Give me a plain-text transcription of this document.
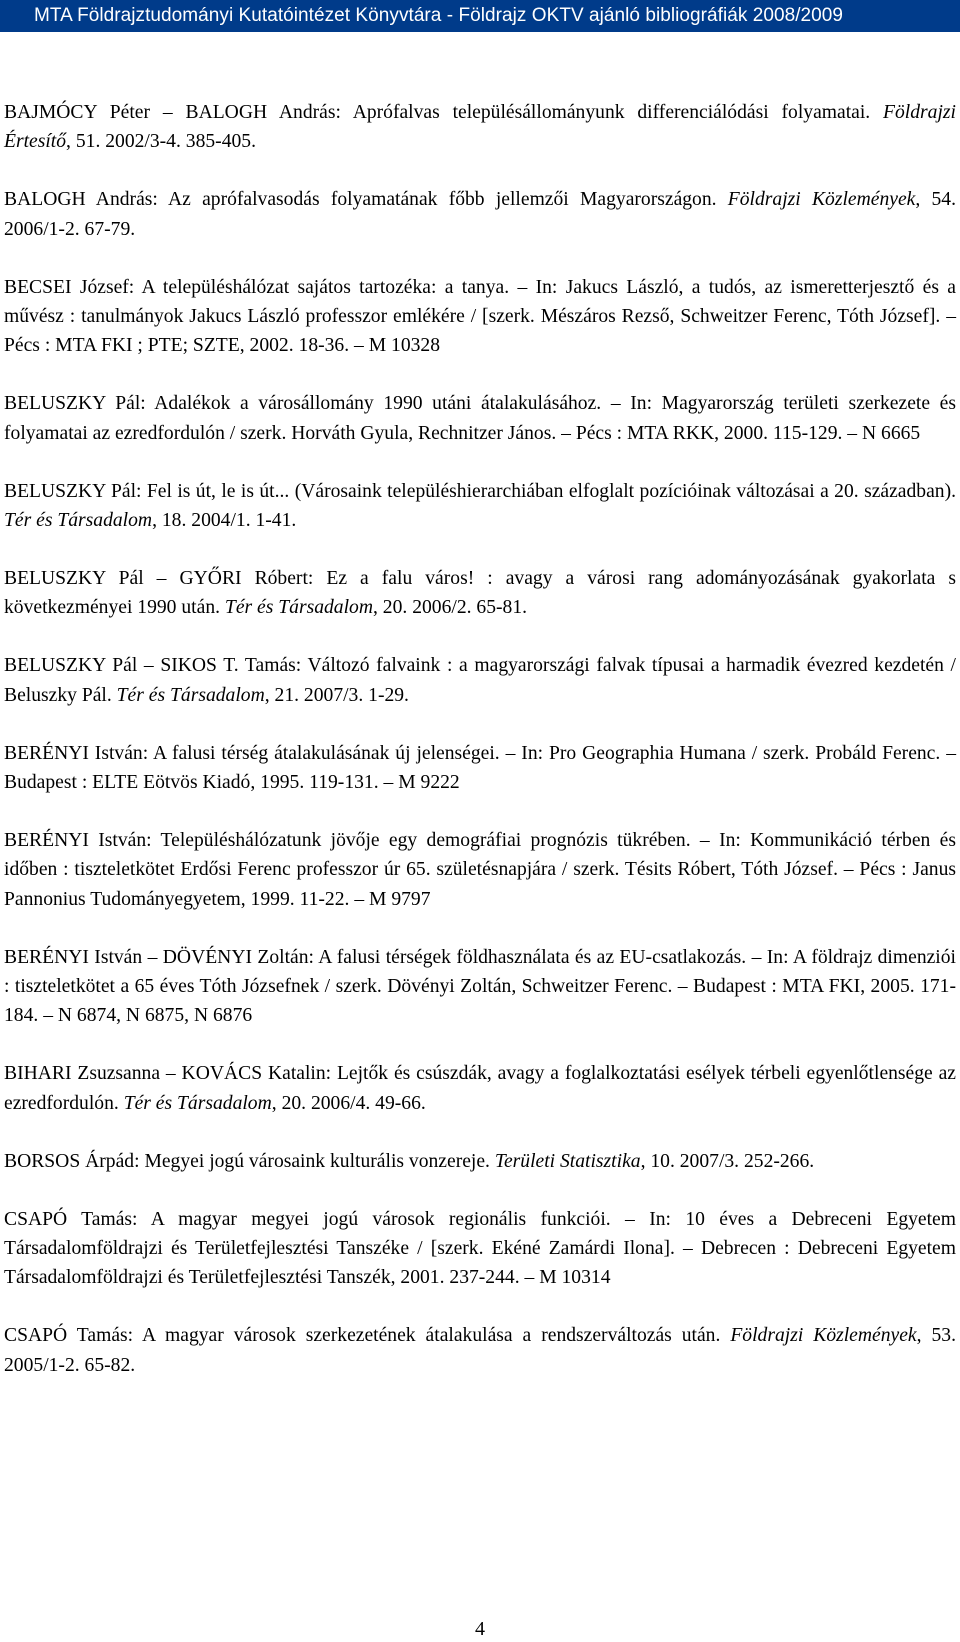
MTA Földrajztudományi Kutatóintézet Könyvtára - Földrajz OKTV ajánló bibliográfiák 2008/2009

BAJMÓCY Péter – BALOGH András: Aprófalvas településállományunk differenciálódási folyamatai. Földrajzi Értesítő, 51. 2002/3-4. 385-405.

BALOGH András: Az aprófalvasodás folyamatának főbb jellemzői Magyarországon. Földrajzi Közlemények, 54. 2006/1-2. 67-79.

BECSEI József: A településhálózat sajátos tartozéka: a tanya. – In: Jakucs László, a tudós, az ismeretterjesztő és a művész : tanulmányok Jakucs László professzor emlékére / [szerk. Mészáros Rezső, Schweitzer Ferenc, Tóth József]. – Pécs : MTA FKI ; PTE; SZTE, 2002. 18-36. – M 10328

BELUSZKY Pál: Adalékok a városállomány 1990 utáni átalakulásához. – In: Magyarország területi szerkezete és folyamatai az ezredfordulón / szerk. Horváth Gyula, Rechnitzer János. – Pécs : MTA RKK, 2000. 115-129. – N 6665

BELUSZKY Pál: Fel is út, le is út... (Városaink településhierarchiában elfoglalt pozícióinak változásai a 20. században). Tér és Társadalom, 18. 2004/1. 1-41.

BELUSZKY Pál – GYŐRI Róbert: Ez a falu város! : avagy a városi rang adományozásának gyakorlata s következményei 1990 után. Tér és Társadalom, 20. 2006/2. 65-81.

BELUSZKY Pál – SIKOS T. Tamás: Változó falvaink : a magyarországi falvak típusai a harmadik évezred kezdetén / Beluszky Pál. Tér és Társadalom, 21. 2007/3. 1-29.

BERÉNYI István: A falusi térség átalakulásának új jelenségei. – In: Pro Geographia Humana / szerk. Probáld Ferenc. – Budapest : ELTE Eötvös Kiadó, 1995. 119-131. – M 9222

BERÉNYI István: Településhálózatunk jövője egy demográfiai prognózis tükrében. – In: Kommunikáció térben és időben : tiszteletkötet Erdősi Ferenc professzor úr 65. születésnapjára / szerk. Tésits Róbert, Tóth József. – Pécs : Janus Pannonius Tudományegyetem, 1999. 11-22. – M 9797

BERÉNYI István – DÖVÉNYI Zoltán: A falusi térségek földhasználata és az EU-csatlakozás. – In: A földrajz dimenziói : tiszteletkötet a 65 éves Tóth Józsefnek / szerk. Dövényi Zoltán, Schweitzer Ferenc. – Budapest : MTA FKI, 2005. 171-184. – N 6874, N 6875, N 6876

BIHARI Zsuzsanna – KOVÁCS Katalin: Lejtők és csúszdák, avagy a foglalkoztatási esélyek térbeli egyenlőtlensége az ezredfordulón. Tér és Társadalom, 20. 2006/4. 49-66.

BORSOS Árpád: Megyei jogú városaink kulturális vonzereje. Területi Statisztika, 10. 2007/3. 252-266.

CSAPÓ Tamás: A magyar megyei jogú városok regionális funkciói. – In: 10 éves a Debreceni Egyetem Társadalomföldrajzi és Területfejlesztési Tanszéke / [szerk. Ekéné Zamárdi Ilona]. – Debrecen : Debreceni Egyetem Társadalomföldrajzi és Területfejlesztési Tanszék, 2001. 237-244. – M 10314

CSAPÓ Tamás: A magyar városok szerkezetének átalakulása a rendszerváltozás után. Földrajzi Közlemények, 53. 2005/1-2. 65-82.

4
